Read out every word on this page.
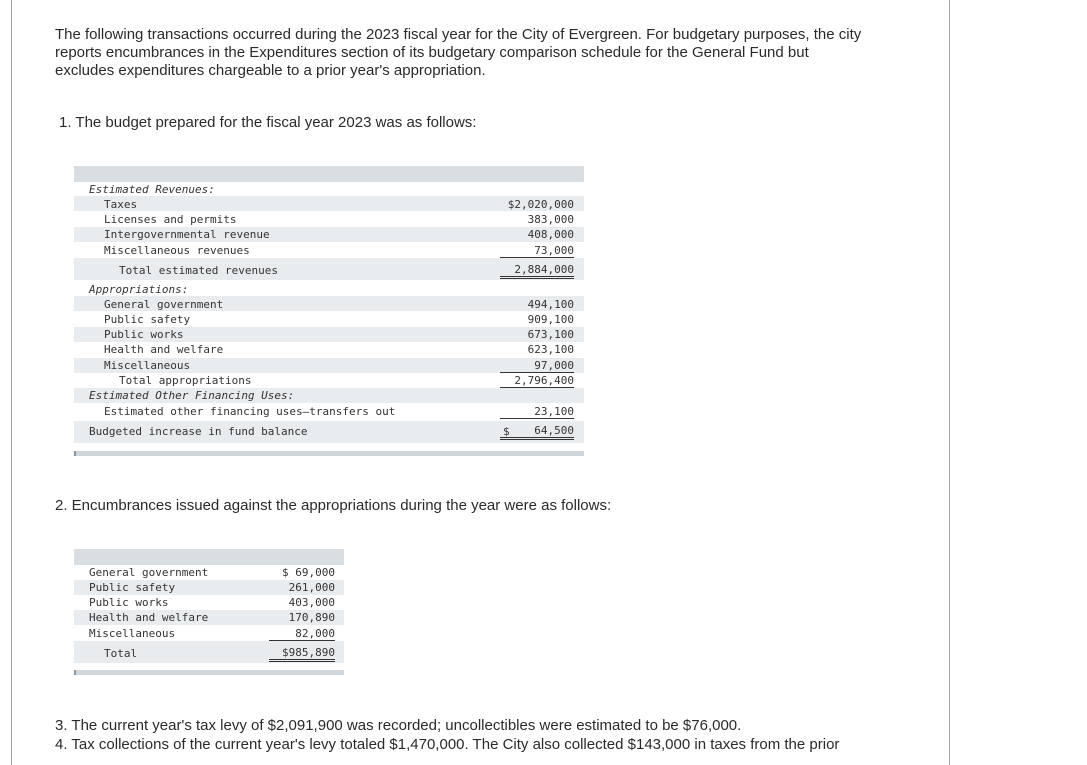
The following transactions occurred during the 2023 fiscal year for the City of Evergreen. For budgetary purposes, the city
reports encumbrances in the Expenditures section of its budgetary comparison schedule for the General Fund but
excludes expenditures chargeable to a prior year's appropriation.
1. The budget prepared for the fiscal year 2023 was as follows:
Estimated Revenues:
Taxes	$2,020,000
Licenses and permits	383,000
Intergovernmental revenue	408,000
Miscellaneous revenues	73,000
Total estimated revenues	2,884,000
Appropriations:
General government	494,100
Public safety	909,100
Public works	673,100
Health and welfare	623,100
Miscellaneous	97,000
Total appropriations	2,796,400
Estimated Other Financing Uses:
Estimated other financing uses—transfers out	23,100
Budgeted increase in fund balance	$	64,500
2. Encumbrances issued against the appropriations during the year were as follows:
General government	$ 69,000
Public safety	261,000
Public works	403,000
Health and welfare	170,890
Miscellaneous	82,000
Total	$985,890
3. The current year's tax levy of $2,091,900 was recorded; uncollectibles were estimated to be $76,000.
4. Tax collections of the current year's levy totaled $1,470,000. The City also collected $143,000 in taxes from the prior
